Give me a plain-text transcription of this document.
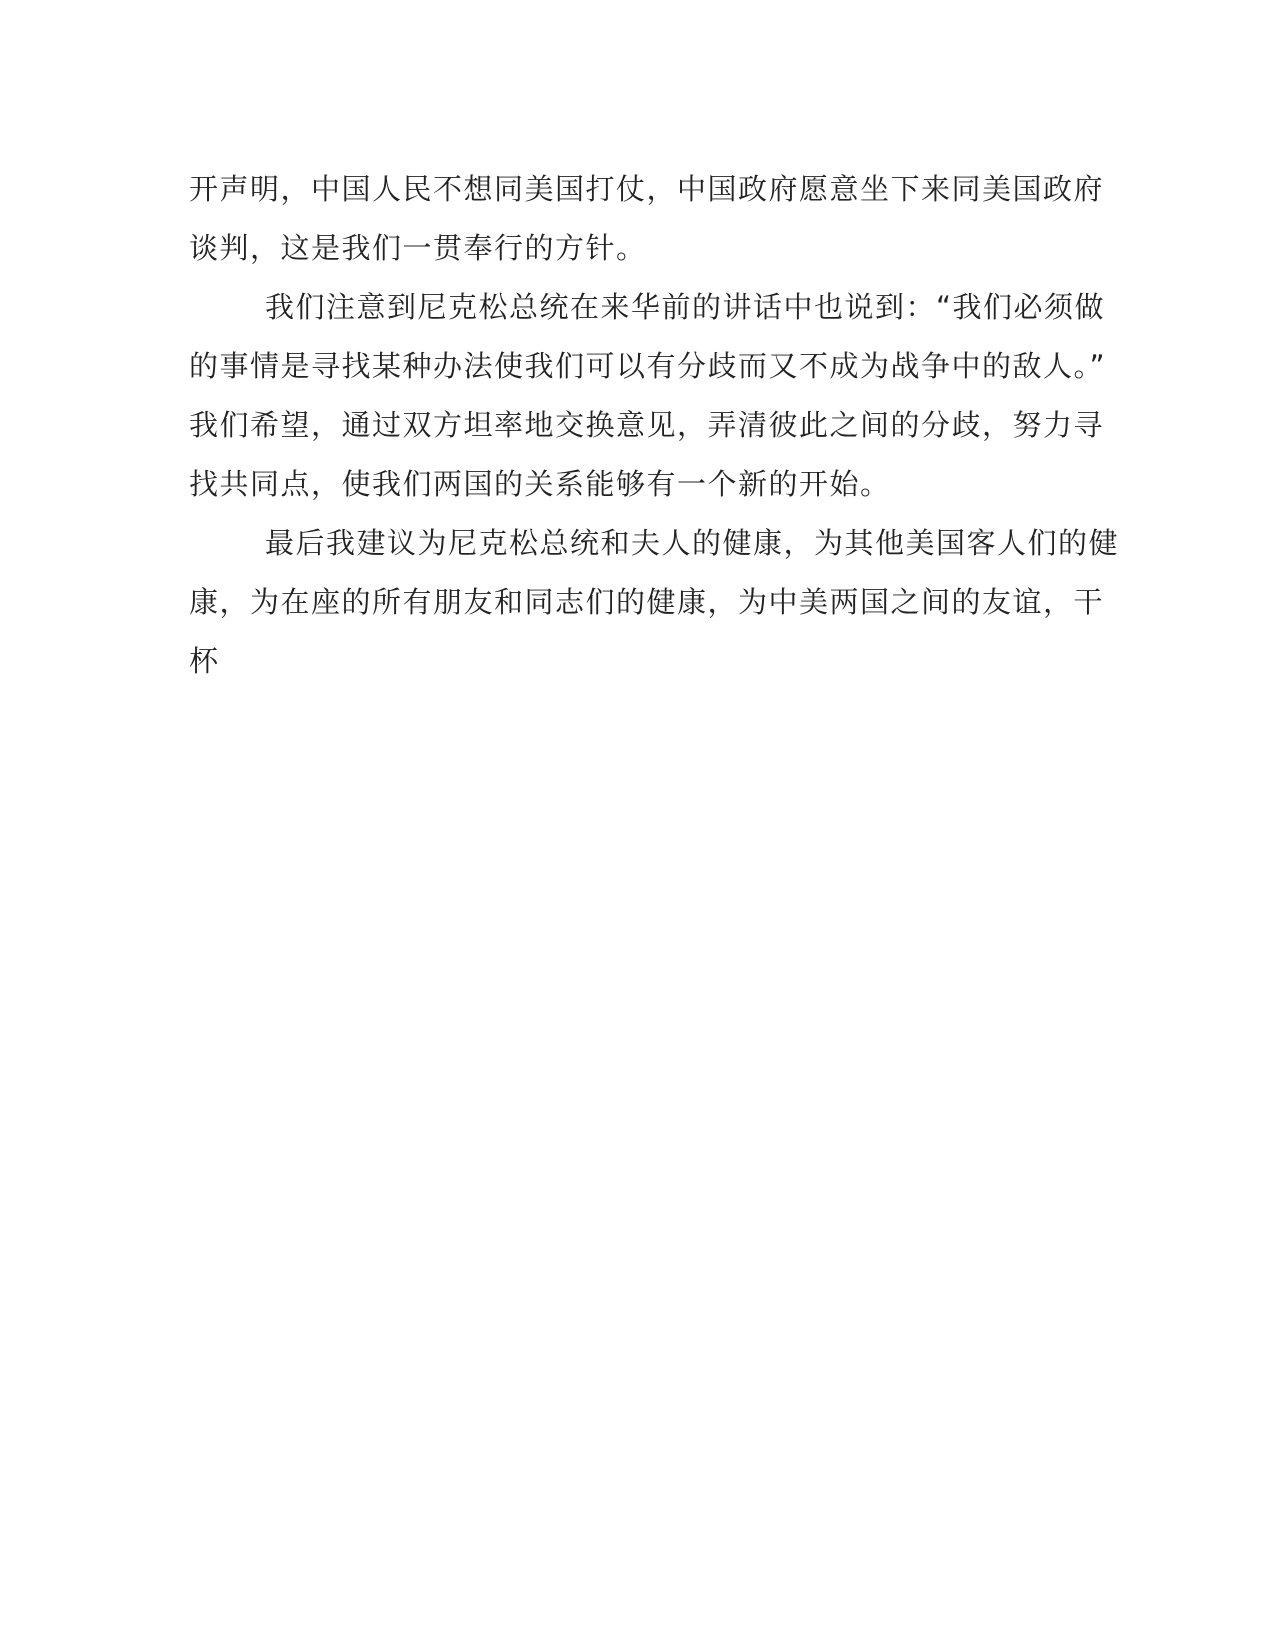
开声明，中国人民不想同美国打仗，中国政府愿意坐下来同美国政府
谈判，这是我们一贯奉行的方针。
我们注意到尼克松总统在来华前的讲话中也说到：“我们必须做
的事情是寻找某种办法使我们可以有分歧而又不成为战争中的敌人。”
我们希望，通过双方坦率地交换意见，弄清彼此之间的分歧，努力寻
找共同点，使我们两国的关系能够有一个新的开始。
最后我建议为尼克松总统和夫人的健康，为其他美国客人们的健
康，为在座的所有朋友和同志们的健康，为中美两国之间的友谊，干
杯
